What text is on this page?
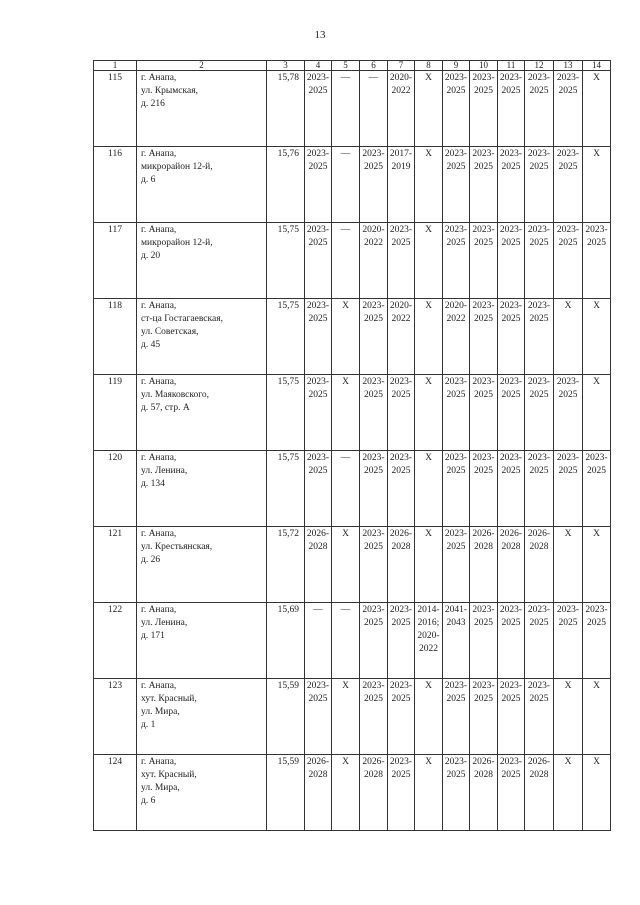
13
1	2	3	4	5	6	7	8	9	10	11	12	13	14
115	г. Анапа,
ул. Крымская,
д. 216	15,78	2023-
2025	—	—	2020-
2022	X	2023-
2025	2023-
2025	2023-
2025	2023-
2025	2023-
2025	X
116	г. Анапа,
микрорайон 12-й,
д. 6	15,76	2023-
2025	—	2023-
2025	2017-
2019	X	2023-
2025	2023-
2025	2023-
2025	2023-
2025	2023-
2025	X
117	г. Анапа,
микрорайон 12-й,
д. 20	15,75	2023-
2025	—	2020-
2022	2023-
2025	X	2023-
2025	2023-
2025	2023-
2025	2023-
2025	2023-
2025	2023-
2025
118	г. Анапа,
ст-ца Гостагаевская,
ул. Советская,
д. 45	15,75	2023-
2025	X	2023-
2025	2020-
2022	X	2020-
2022	2023-
2025	2023-
2025	2023-
2025	X	X
119	г. Анапа,
ул. Маяковского,
д. 57, стр. А	15,75	2023-
2025	X	2023-
2025	2023-
2025	X	2023-
2025	2023-
2025	2023-
2025	2023-
2025	2023-
2025	X
120	г. Анапа,
ул. Ленина,
д. 134	15,75	2023-
2025	—	2023-
2025	2023-
2025	X	2023-
2025	2023-
2025	2023-
2025	2023-
2025	2023-
2025	2023-
2025
121	г. Анапа,
ул. Крестьянская,
д. 26	15,72	2026-
2028	X	2023-
2025	2026-
2028	X	2023-
2025	2026-
2028	2026-
2028	2026-
2028	X	X
122	г. Анапа,
ул. Ленина,
д. 171	15,69	—	—	2023-
2025	2023-
2025	2014-
2016;
2020-
2022	2041-
2043	2023-
2025	2023-
2025	2023-
2025	2023-
2025	2023-
2025
123	г. Анапа,
хут. Красный,
ул. Мира,
д. 1	15,59	2023-
2025	X	2023-
2025	2023-
2025	X	2023-
2025	2023-
2025	2023-
2025	2023-
2025	X	X
124	г. Анапа,
хут. Красный,
ул. Мира,
д. 6	15,59	2026-
2028	X	2026-
2028	2023-
2025	X	2023-
2025	2026-
2028	2023-
2025	2026-
2028	X	X
